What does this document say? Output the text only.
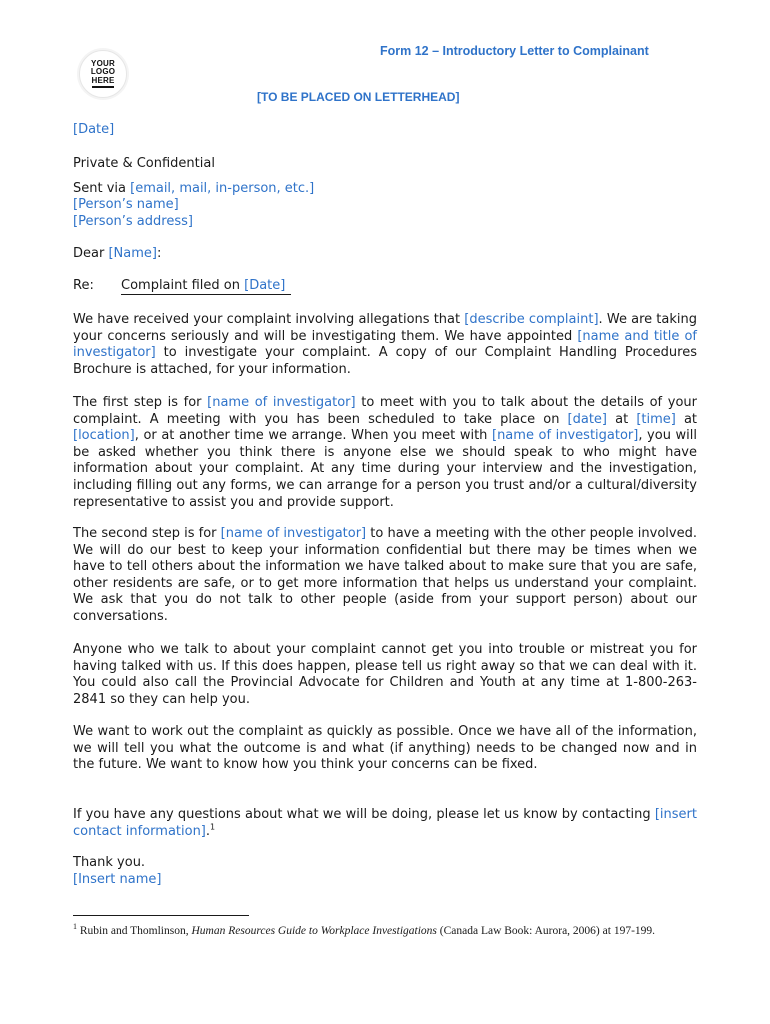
YOUR
LOGO
HERE
Form 12 – Introductory Letter to Complainant
[TO BE PLACED ON LETTERHEAD]
[Date]
Private & Confidential
Sent via [email, mail, in-person, etc.]
[Person’s name]
[Person’s address]
Dear [Name]:
Re: Complaint filed on [Date]
We have received your complaint involving allegations that [describe complaint]. We are taking your concerns seriously and will be investigating them. We have appointed [name and title of investigator] to investigate your complaint. A copy of our Complaint Handling Procedures Brochure is attached, for your information.
The first step is for [name of investigator] to meet with you to talk about the details of your complaint. A meeting with you has been scheduled to take place on [date] at [time] at [location], or at another time we arrange. When you meet with [name of investigator], you will be asked whether you think there is anyone else we should speak to who might have information about your complaint. At any time during your interview and the investigation, including filling out any forms, we can arrange for a person you trust and/or a cultural/diversity representative to assist you and provide support.
The second step is for [name of investigator] to have a meeting with the other people involved. We will do our best to keep your information confidential but there may be times when we have to tell others about the information we have talked about to make sure that you are safe, other residents are safe, or to get more information that helps us understand your complaint. We ask that you do not talk to other people (aside from your support person) about our conversations.
Anyone who we talk to about your complaint cannot get you into trouble or mistreat you for having talked with us. If this does happen, please tell us right away so that we can deal with it. You could also call the Provincial Advocate for Children and Youth at any time at 1-800-263-2841 so they can help you.
We want to work out the complaint as quickly as possible. Once we have all of the information, we will tell you what the outcome is and what (if anything) needs to be changed now and in the future. We want to know how you think your concerns can be fixed.
If you have any questions about what we will be doing, please let us know by contacting [insert contact information].$^1$
Thank you.
[Insert name]
$^1$ Rubin and Thomlinson, Human Resources Guide to Workplace Investigations (Canada Law Book: Aurora, 2006) at 197-199.
